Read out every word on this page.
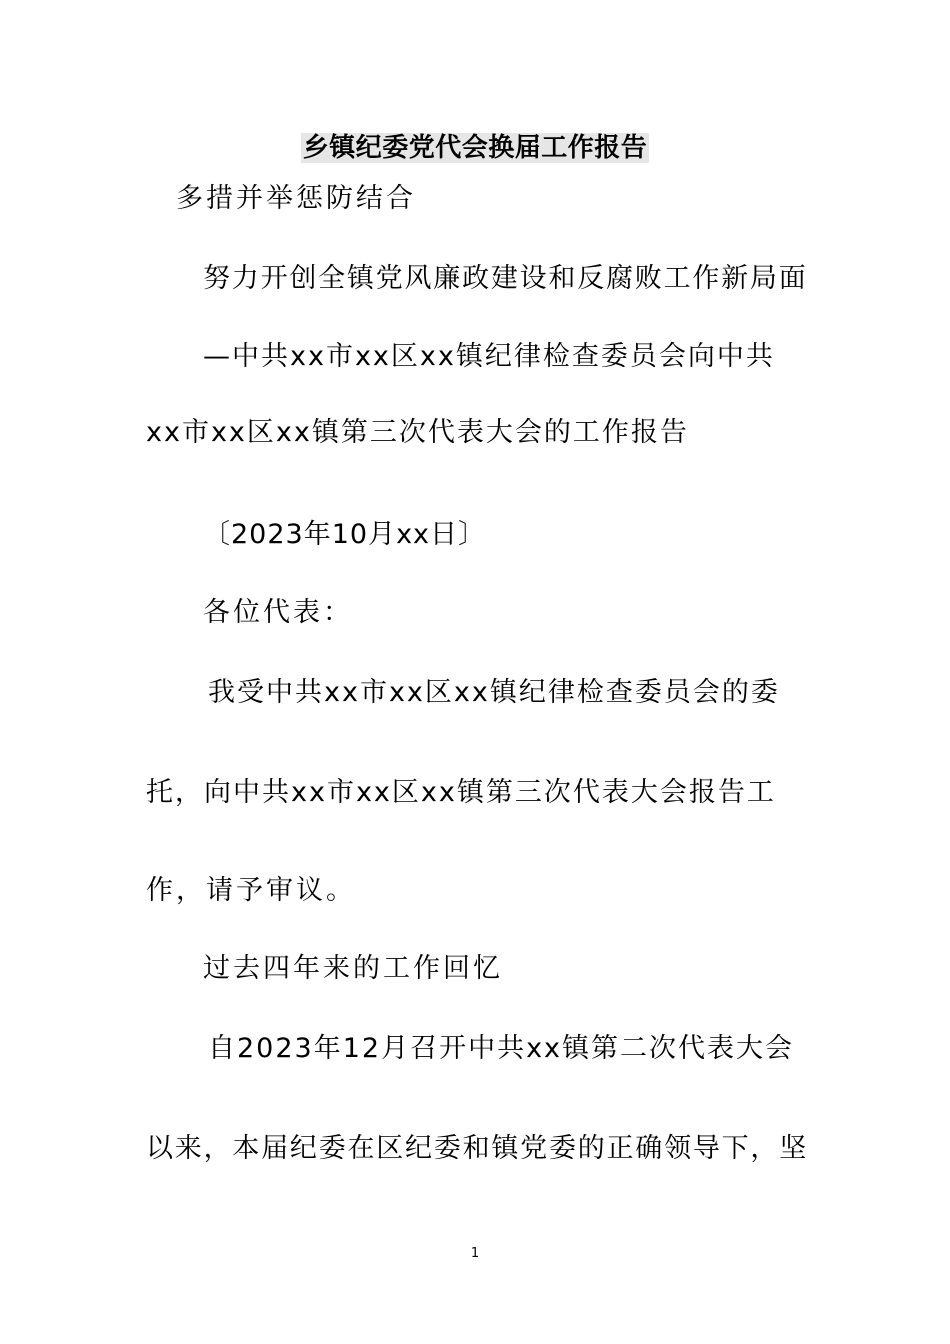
乡镇纪委党代会换届工作报告
多措并举惩防结合
努力开创全镇党风廉政建设和反腐败工作新局面
—中共xx市xx区xx镇纪律检查委员会向中共
xx市xx区xx镇第三次代表大会的工作报告
〔2023年10月xx日〕
各位代表：
我受中共xx市xx区xx镇纪律检查委员会的委
托，向中共xx市xx区xx镇第三次代表大会报告工
作，请予审议。
过去四年来的工作回忆
自2023年12月召开中共xx镇第二次代表大会
以来，本届纪委在区纪委和镇党委的正确领导下，坚
1
